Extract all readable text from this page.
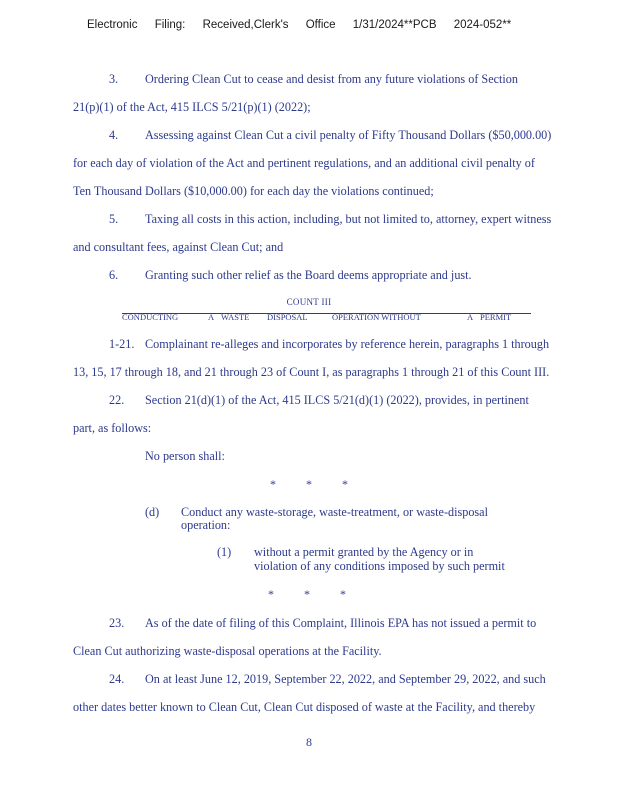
Electronic Filing: Received,Clerk's Office 1/31/2024**PCB 2024-052**
3. Ordering Clean Cut to cease and desist from any future violations of Section
21(p)(1) of the Act, 415 ILCS 5/21(p)(1) (2022);
4. Assessing against Clean Cut a civil penalty of Fifty Thousand Dollars ($50,000.00)
for each day of violation of the Act and pertinent regulations, and an additional civil penalty of
Ten Thousand Dollars ($10,000.00) for each day the violations continued;
5. Taxing all costs in this action, including, but not limited to, attorney, expert witness
and consultant fees, against Clean Cut; and
6. Granting such other relief as the Board deems appropriate and just.
COUNT III
CONDUCTING	A WASTE DISPOSAL	OPERATION WITHOUT	A PERMIT
1-21. Complainant re-alleges and incorporates by reference herein, paragraphs 1 through
13, 15, 17 through 18, and 21 through 23 of Count I, as paragraphs 1 through 21 of this Count III.
22. Section 21(d)(1) of the Act, 415 ILCS 5/21(d)(1) (2022), provides, in pertinent
part, as follows:
No person shall:
*          *          *
(d) Conduct any waste-storage, waste-treatment, or waste-disposal
operation:
(1) without a permit granted by the Agency or in
violation of any conditions imposed by such permit
*          *          *
23. As of the date of filing of this Complaint, Illinois EPA has not issued a permit to
Clean Cut authorizing waste-disposal operations at the Facility.
24. On at least June 12, 2019, September 22, 2022, and September 29, 2022, and such
other dates better known to Clean Cut, Clean Cut disposed of waste at the Facility, and thereby
8
